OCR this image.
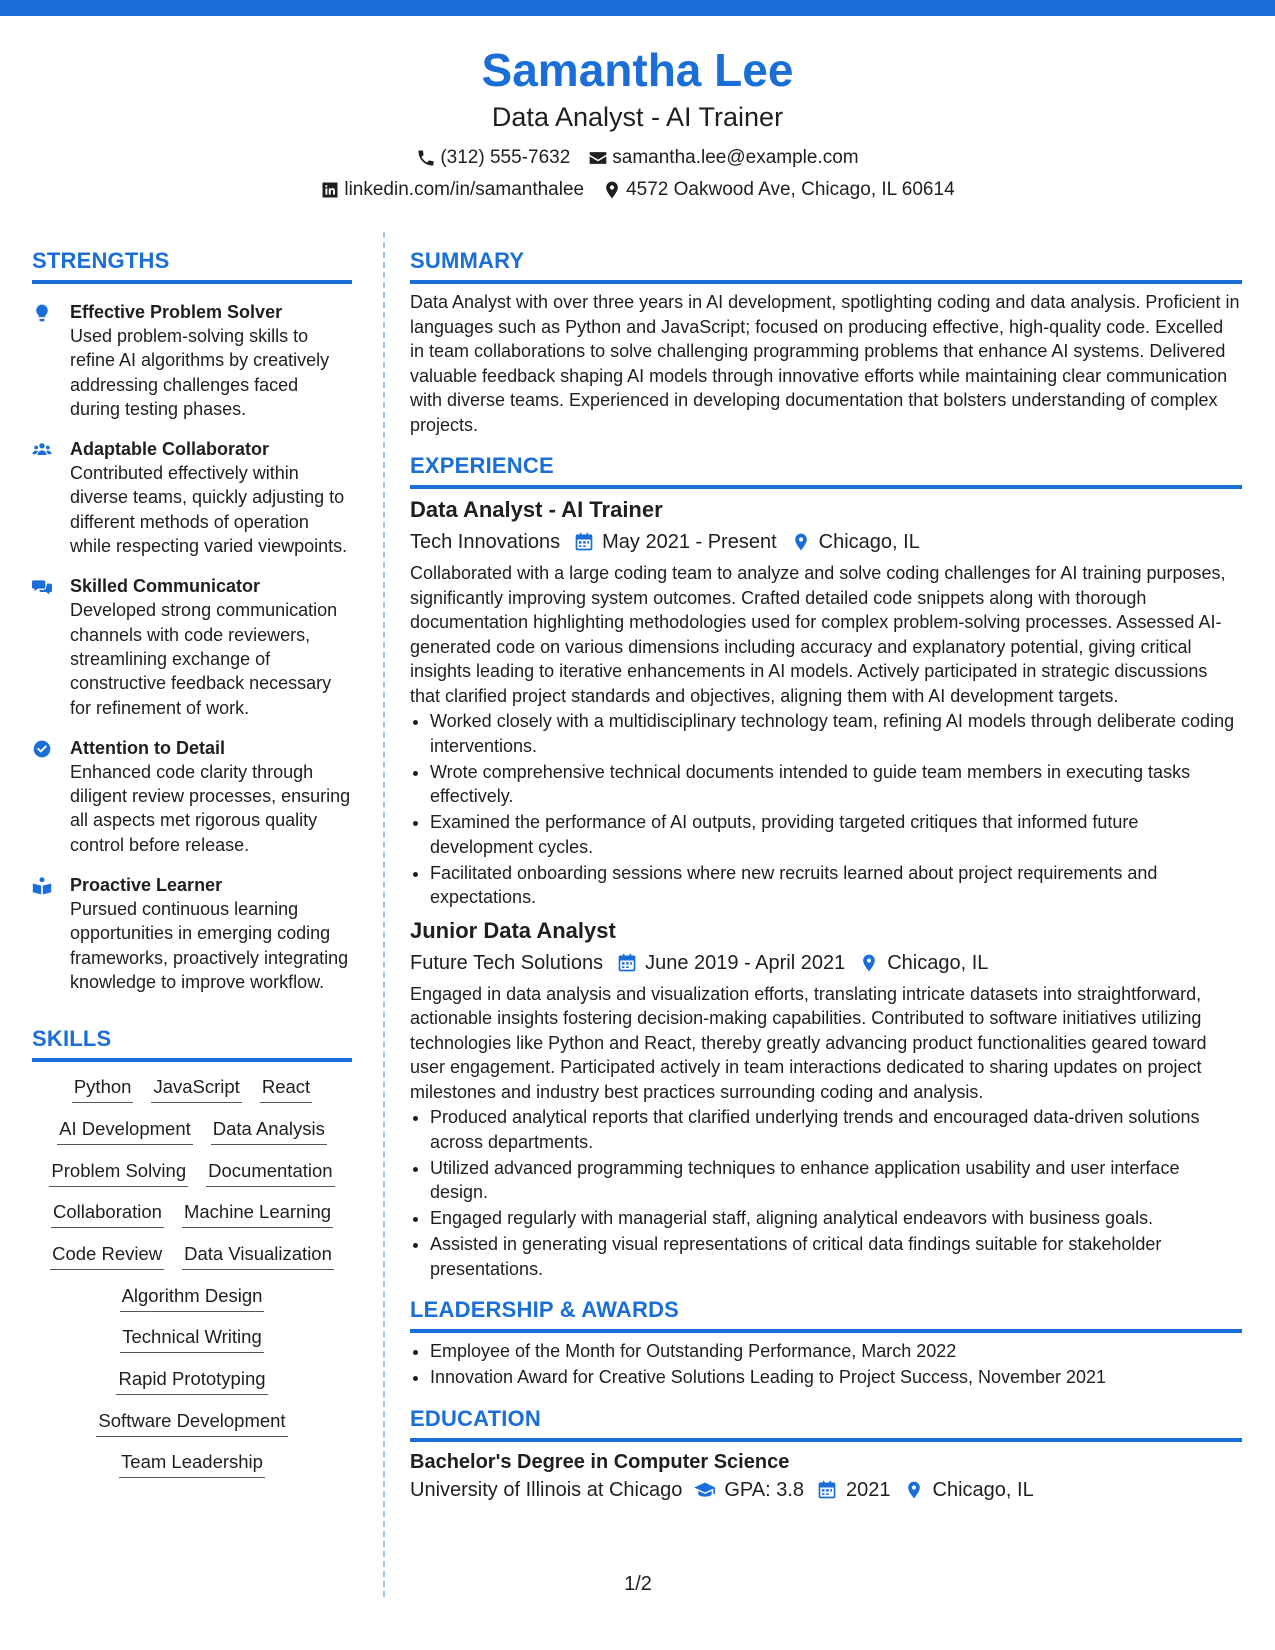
Samantha Lee
Data Analyst - AI Trainer
(312) 555-7632 samantha.lee@example.com
linkedin.com/in/samanthalee 4572 Oakwood Ave, Chicago, IL 60614
STRENGTHS
Effective Problem Solver
Used problem-solving skills to refine AI algorithms by creatively addressing challenges faced during testing phases.
Adaptable Collaborator
Contributed effectively within diverse teams, quickly adjusting to different methods of operation while respecting varied viewpoints.
Skilled Communicator
Developed strong communication channels with code reviewers, streamlining exchange of constructive feedback necessary for refinement of work.
Attention to Detail
Enhanced code clarity through diligent review processes, ensuring all aspects met rigorous quality control before release.
Proactive Learner
Pursued continuous learning opportunities in emerging coding frameworks, proactively integrating knowledge to improve workflow.
SKILLS
Python JavaScript React
AI Development Data Analysis
Problem Solving Documentation
Collaboration Machine Learning
Code Review Data Visualization
Algorithm Design
Technical Writing
Rapid Prototyping
Software Development
Team Leadership
SUMMARY
Data Analyst with over three years in AI development, spotlighting coding and data analysis. Proficient in languages such as Python and JavaScript; focused on producing effective, high-quality code. Excelled in team collaborations to solve challenging programming problems that enhance AI systems. Delivered valuable feedback shaping AI models through innovative efforts while maintaining clear communication with diverse teams. Experienced in developing documentation that bolsters understanding of complex projects.
EXPERIENCE
Data Analyst - AI Trainer
Tech Innovations May 2021 - Present Chicago, IL
Collaborated with a large coding team to analyze and solve coding challenges for AI training purposes, significantly improving system outcomes. Crafted detailed code snippets along with thorough documentation highlighting methodologies used for complex problem-solving processes. Assessed AI-generated code on various dimensions including accuracy and explanatory potential, giving critical insights leading to iterative enhancements in AI models. Actively participated in strategic discussions that clarified project standards and objectives, aligning them with AI development targets.
• Worked closely with a multidisciplinary technology team, refining AI models through deliberate coding interventions.
• Wrote comprehensive technical documents intended to guide team members in executing tasks effectively.
• Examined the performance of AI outputs, providing targeted critiques that informed future development cycles.
• Facilitated onboarding sessions where new recruits learned about project requirements and expectations.
Junior Data Analyst
Future Tech Solutions June 2019 - April 2021 Chicago, IL
Engaged in data analysis and visualization efforts, translating intricate datasets into straightforward, actionable insights fostering decision-making capabilities. Contributed to software initiatives utilizing technologies like Python and React, thereby greatly advancing product functionalities geared toward user engagement. Participated actively in team interactions dedicated to sharing updates on project milestones and industry best practices surrounding coding and analysis.
• Produced analytical reports that clarified underlying trends and encouraged data-driven solutions across departments.
• Utilized advanced programming techniques to enhance application usability and user interface design.
• Engaged regularly with managerial staff, aligning analytical endeavors with business goals.
• Assisted in generating visual representations of critical data findings suitable for stakeholder presentations.
LEADERSHIP & AWARDS
• Employee of the Month for Outstanding Performance, March 2022
• Innovation Award for Creative Solutions Leading to Project Success, November 2021
EDUCATION
Bachelor's Degree in Computer Science
University of Illinois at Chicago GPA: 3.8 2021 Chicago, IL
1/2
